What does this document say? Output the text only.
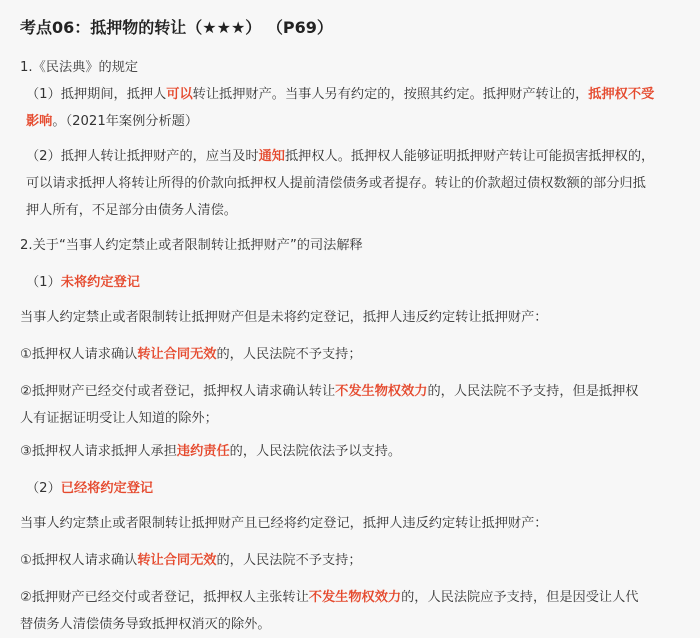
考点06：抵押物的转让（★★★） （P69）
1.《民法典》的规定
（1）抵押期间，抵押人可以转让抵押财产。当事人另有约定的，按照其约定。抵押财产转让的，抵押权不受
影响。（2021年案例分析题）
（2）抵押人转让抵押财产的，应当及时通知抵押权人。抵押权人能够证明抵押财产转让可能损害抵押权的，
可以请求抵押人将转让所得的价款向抵押权人提前清偿债务或者提存。转让的价款超过债权数额的部分归抵
押人所有，不足部分由债务人清偿。
2.关于“当事人约定禁止或者限制转让抵押财产”的司法解释
（1）未将约定登记
当事人约定禁止或者限制转让抵押财产但是未将约定登记，抵押人违反约定转让抵押财产：
①抵押权人请求确认转让合同无效的，人民法院不予支持；
②抵押财产已经交付或者登记，抵押权人请求确认转让不发生物权效力的，人民法院不予支持，但是抵押权
人有证据证明受让人知道的除外；
③抵押权人请求抵押人承担违约责任的，人民法院依法予以支持。
（2）已经将约定登记
当事人约定禁止或者限制转让抵押财产且已经将约定登记，抵押人违反约定转让抵押财产：
①抵押权人请求确认转让合同无效的，人民法院不予支持；
②抵押财产已经交付或者登记，抵押权人主张转让不发生物权效力的，人民法院应予支持，但是因受让人代
替债务人清偿债务导致抵押权消灭的除外。
